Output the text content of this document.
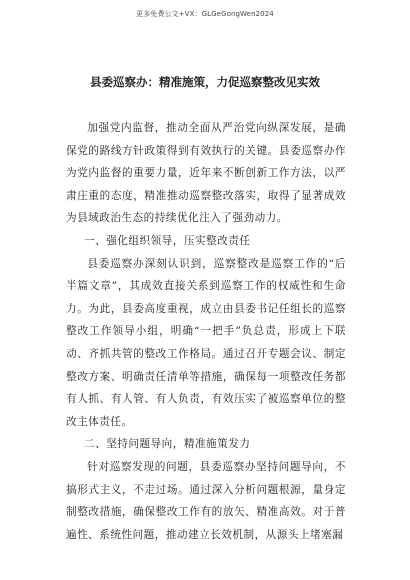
更多免费公文+VX：GLGeGongWen2024
县委巡察办：精准施策，力促巡察整改见实效

加强党内监督，推动全面从严治党向纵深发展，是确保党的路线方针政策得到有效执行的关键。县委巡察办作为党内监督的重要力量，近年来不断创新工作方法，以严肃庄重的态度，精准推动巡察整改落实，取得了显著成效为县域政治生态的持续优化注入了强劲动力。

一、强化组织领导，压实整改责任

县委巡察办深刻认识到，巡察整改是巡察工作的“后半篇文章”，其成效直接关系到巡察工作的权威性和生命力。为此，县委高度重视，成立由县委书记任组长的巡察整改工作领导小组，明确“一把手”负总责，形成上下联动、齐抓共管的整改工作格局。通过召开专题会议、制定整改方案、明确责任清单等措施，确保每一项整改任务都有人抓、有人管、有人负责，有效压实了被巡察单位的整改主体责任。

二、坚持问题导向，精准施策发力

针对巡察发现的问题，县委巡察办坚持问题导向，不搞形式主义，不走过场。通过深入分析问题根源，量身定制整改措施，确保整改工作有的放矢、精准高效。对于普遍性、系统性问题，推动建立长效机制，从源头上堵塞漏
